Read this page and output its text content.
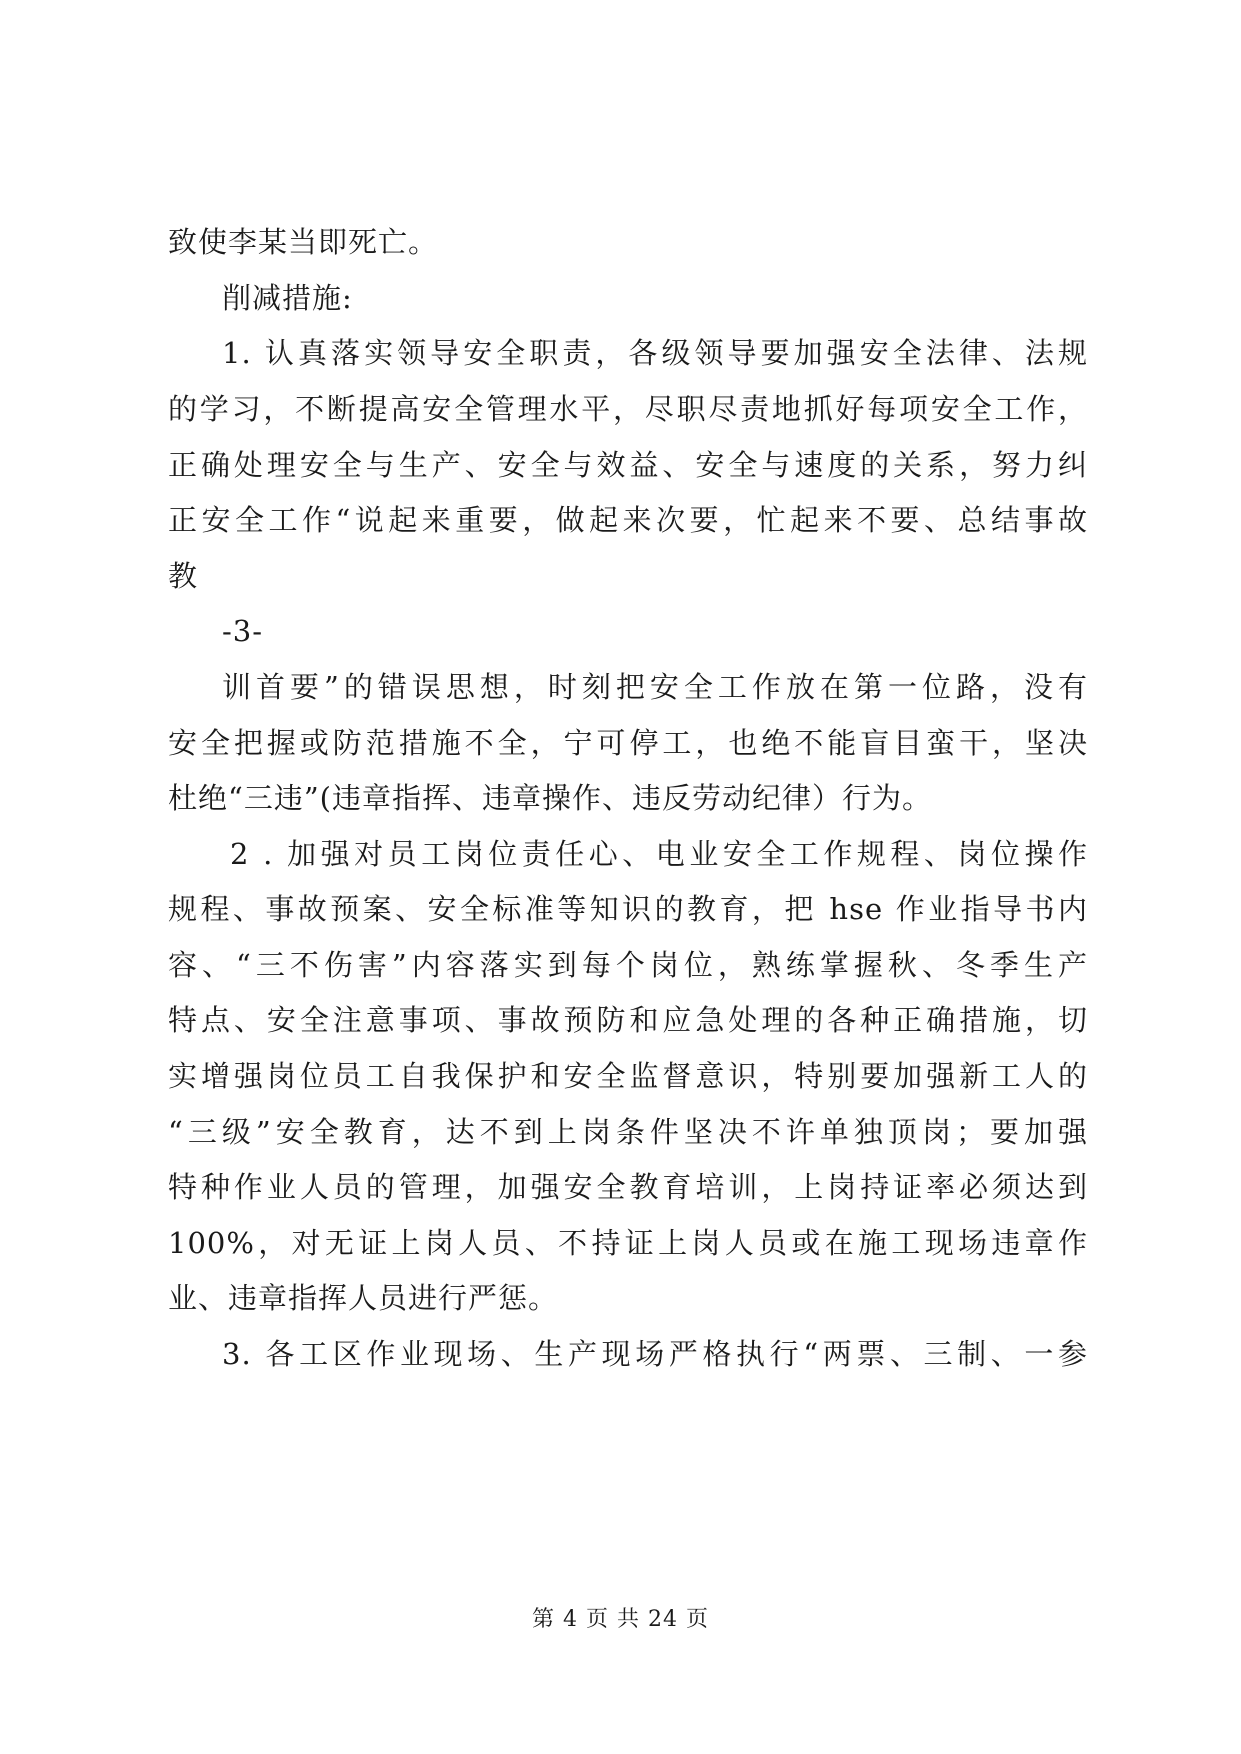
致使李某当即死亡。
削减措施:
1. 认真落实领导安全职责，各级领导要加强安全法律、法规
的学习，不断提高安全管理水平，尽职尽责地抓好每项安全工作，
正确处理安全与生产、安全与效益、安全与速度的关系，努力纠
正安全工作“说起来重要，做起来次要，忙起来不要、总结事故
教
-3-
训首要”的错误思想，时刻把安全工作放在第一位路，没有
安全把握或防范措施不全，宁可停工，也绝不能盲目蛮干，坚决
杜绝“三违”(违章指挥、违章操作、违反劳动纪律）行为。
2 . 加强对员工岗位责任心、电业安全工作规程、岗位操作
规程、事故预案、安全标准等知识的教育，把 hse 作业指导书内
容、“三不伤害”内容落实到每个岗位，熟练掌握秋、冬季生产
特点、安全注意事项、事故预防和应急处理的各种正确措施，切
实增强岗位员工自我保护和安全监督意识，特别要加强新工人的
“三级”安全教育，达不到上岗条件坚决不许单独顶岗；要加强
特种作业人员的管理，加强安全教育培训，上岗持证率必须达到
100%，对无证上岗人员、不持证上岗人员或在施工现场违章作
业、违章指挥人员进行严惩。
3. 各工区作业现场、生产现场严格执行“两票、三制、一参
第 4 页 共 24 页
